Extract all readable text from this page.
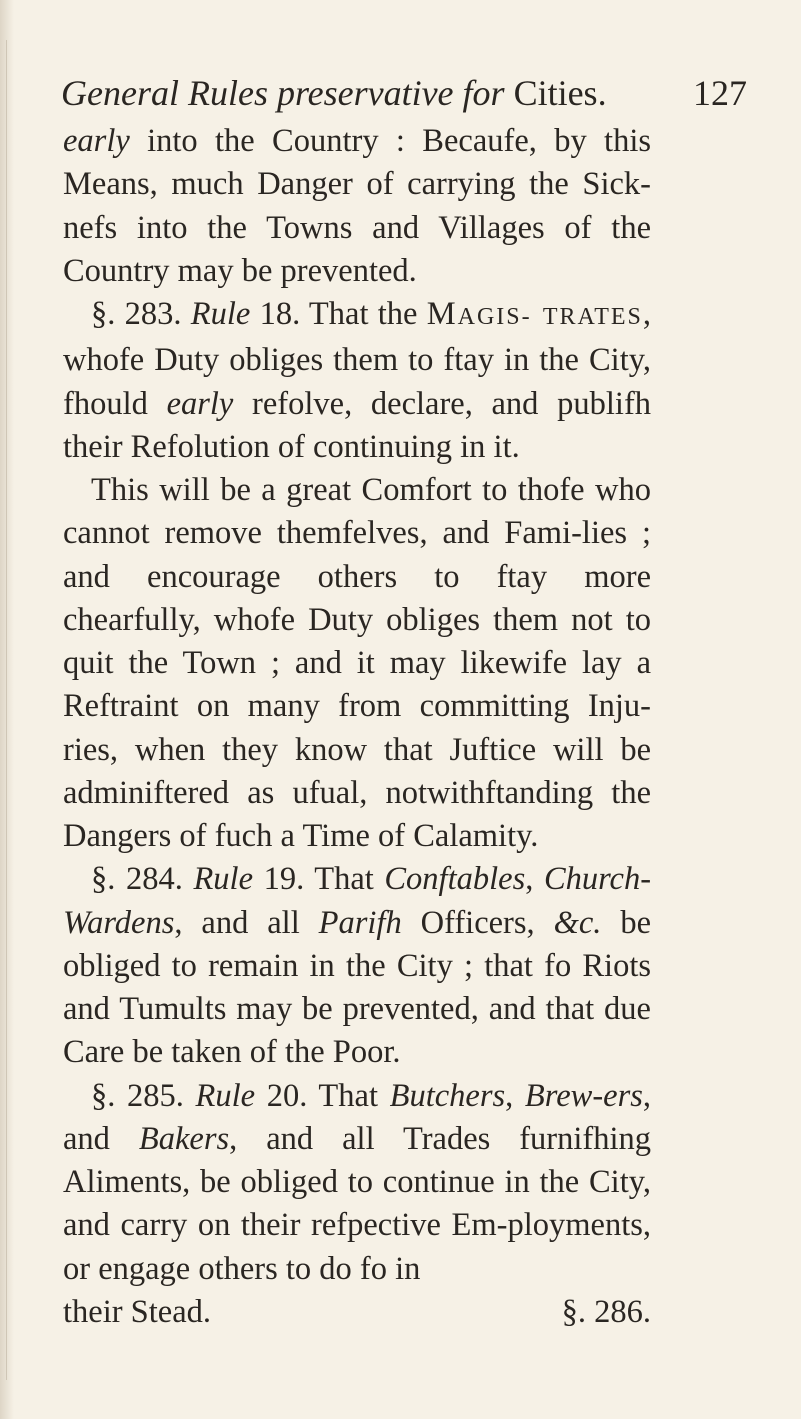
General Rules preservative for Cities. 127

early into the Country : Becaufe, by this Means, much Danger of carrying the Sick-nefs into the Towns and Villages of the Country may be prevented.

§. 283. Rule 18. That the MAGIS- TRATES, whofe Duty obliges them to ftay in the City, fhould early refolve, declare, and publifh their Refolution of continuing in it.

This will be a great Comfort to thofe who cannot remove themfelves, and Fami-lies ; and encourage others to ftay more chearfully, whofe Duty obliges them not to quit the Town ; and it may likewife lay a Reftraint on many from committing Inju-ries, when they know that Juftice will be adminiftered as ufual, notwithftanding the Dangers of fuch a Time of Calamity.

§. 284. Rule 19. That Conftables, Church-Wardens, and all Parifh Officers, &c. be obliged to remain in the City ; that fo Riots and Tumults may be prevented, and that due Care be taken of the Poor.

§. 285. Rule 20. That Butchers, Brew-ers, and Bakers, and all Trades furnifhing Aliments, be obliged to continue in the City, and carry on their refpective Em-ployments, or engage others to do fo in

their Stead.	§. 286.
